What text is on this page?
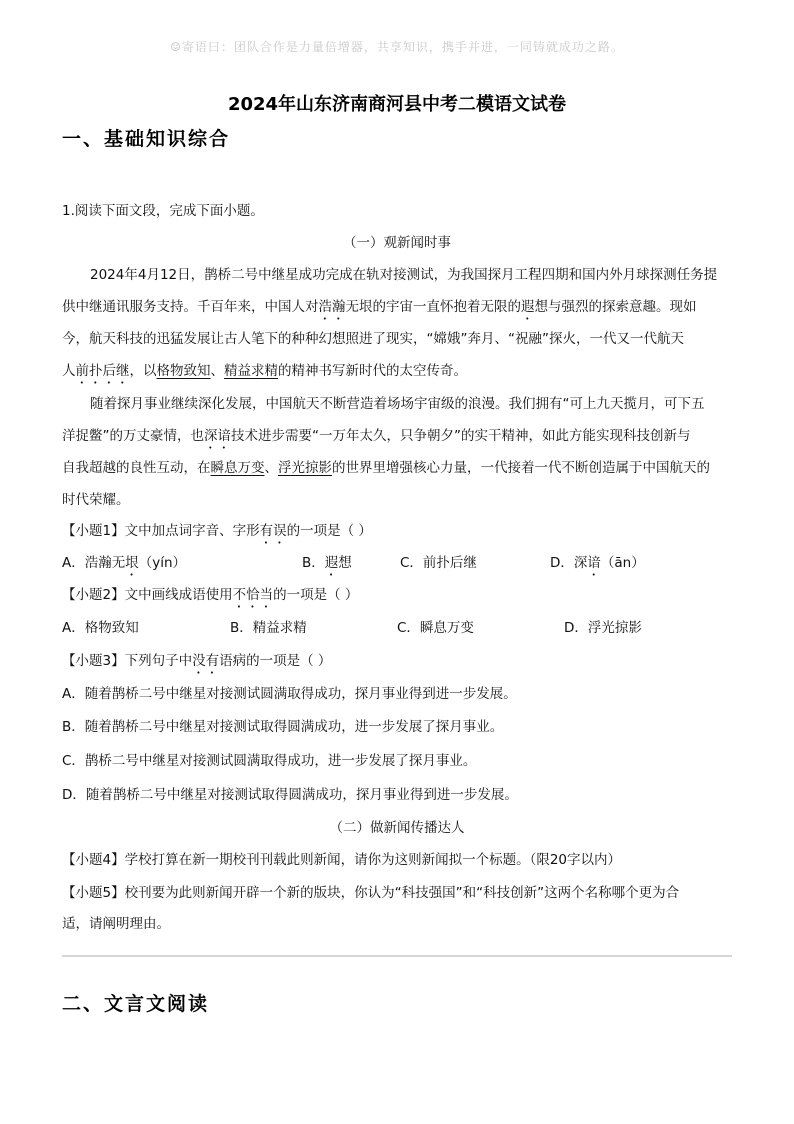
☺寄语曰：团队合作是力量倍增器，共享知识，携手并进，一同铸就成功之路。
2024年山东济南商河县中考二模语文试卷
一、基础知识综合
1.阅读下面文段，完成下面小题。
（一）观新闻时事
2024年4月12日，鹊桥二号中继星成功完成在轨对接测试，为我国探月工程四期和国内外月球探测任务提
供中继通讯服务支持。千百年来，中国人对浩瀚无垠的宇宙一直怀抱着无限的遐想与强烈的探索意趣。现如
今，航天科技的迅猛发展让古人笔下的种种幻想照进了现实，“嫦娥”奔月、“祝融”探火，一代又一代航天
人前扑后继，以格物致知、精益求精的精神书写新时代的太空传奇。
随着探月事业继续深化发展，中国航天不断营造着场场宇宙级的浪漫。我们拥有“可上九天揽月，可下五
洋捉鳖”的万丈豪情，也深谙技术进步需要“一万年太久，只争朝夕”的实干精神，如此方能实现科技创新与
自我超越的良性互动，在瞬息万变、浮光掠影的世界里增强核心力量，一代接着一代不断创造属于中国航天的
时代荣耀。
【小题1】文中加点词字音、字形有误的一项是（ ）
A．浩瀚无垠（yín）	B．遐想	C．前扑后继	D．深谙（ān）
【小题2】文中画线成语使用不恰当的一项是（ ）
A．格物致知	B．精益求精	C．瞬息万变	D．浮光掠影
【小题3】下列句子中没有语病的一项是（ ）
A．随着鹊桥二号中继星对接测试圆满取得成功，探月事业得到进一步发展。
B．随着鹊桥二号中继星对接测试取得圆满成功，进一步发展了探月事业。
C．鹊桥二号中继星对接测试圆满取得成功，进一步发展了探月事业。
D．随着鹊桥二号中继星对接测试取得圆满成功，探月事业得到进一步发展。
（二）做新闻传播达人
【小题4】学校打算在新一期校刊刊载此则新闻，请你为这则新闻拟一个标题。（限20字以内）
【小题5】校刊要为此则新闻开辟一个新的版块，你认为“科技强国”和“科技创新”这两个名称哪个更为合
适，请阐明理由。
二、文言文阅读
